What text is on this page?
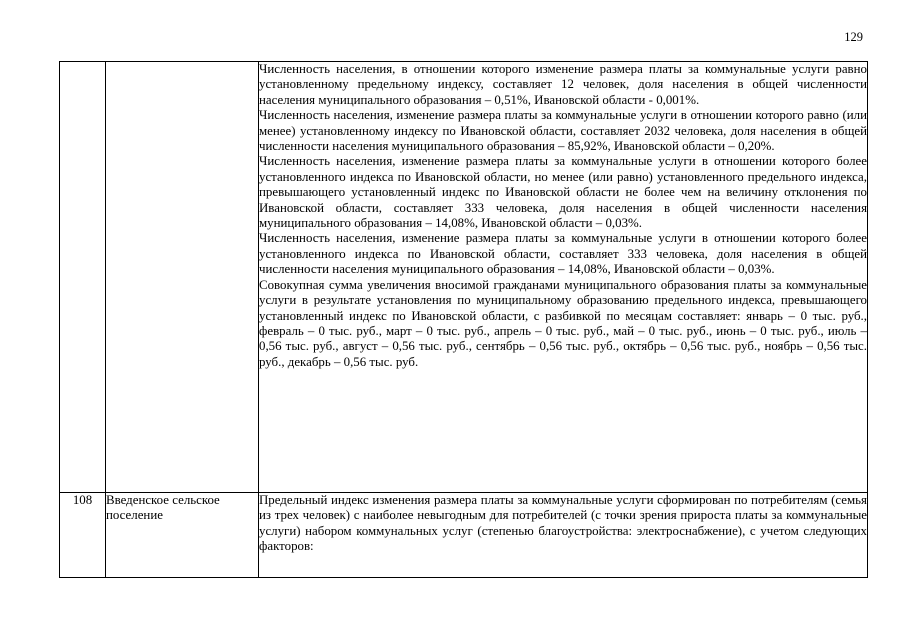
129

		Численность населения, в отношении которого изменение размера платы за коммунальные услуги равно установленному предельному индексу, составляет 12 человек, доля населения в общей численности населения муниципального образования – 0,51%, Ивановской области - 0,001%.

Численность населения, изменение размера платы за коммунальные услуги в отношении которого равно (или менее) установленному индексу по Ивановской области, составляет 2032 человека, доля населения в общей численности населения муниципального образования – 85,92%, Ивановской области – 0,20%.

Численность населения, изменение размера платы за коммунальные услуги в отношении которого более установленного индекса по Ивановской области, но менее (или равно) установленного предельного индекса, превышающего установленный индекс по Ивановской области не более чем на величину отклонения по Ивановской области, составляет 333 человека, доля населения в общей численности населения муниципального образования – 14,08%, Ивановской области – 0,03%.

Численность населения, изменение размера платы за коммунальные услуги в отношении которого более установленного индекса по Ивановской области, составляет 333 человека, доля населения в общей численности населения муниципального образования – 14,08%, Ивановской области – 0,03%.

Совокупная сумма увеличения вносимой гражданами муниципального образования платы за коммунальные услуги в результате установления по муниципальному образованию предельного индекса, превышающего установленный индекс по Ивановской области, с разбивкой по месяцам составляет: январь – 0 тыс. руб., февраль – 0 тыс. руб., март – 0 тыс. руб., апрель – 0 тыс. руб., май – 0 тыс. руб., июнь – 0 тыс. руб., июль – 0,56 тыс. руб., август – 0,56 тыс. руб., сентябрь – 0,56 тыс. руб., октябрь – 0,56 тыс. руб., ноябрь – 0,56 тыс. руб., декабрь – 0,56 тыс. руб.

108	Введенское сельское поселение	Предельный индекс изменения размера платы за коммунальные услуги сформирован по потребителям (семья из трех человек) с наиболее невыгодным для потребителей (с точки зрения прироста платы за коммунальные услуги) набором коммунальных услуг (степенью благоустройства: электроснабжение), с учетом следующих факторов:
